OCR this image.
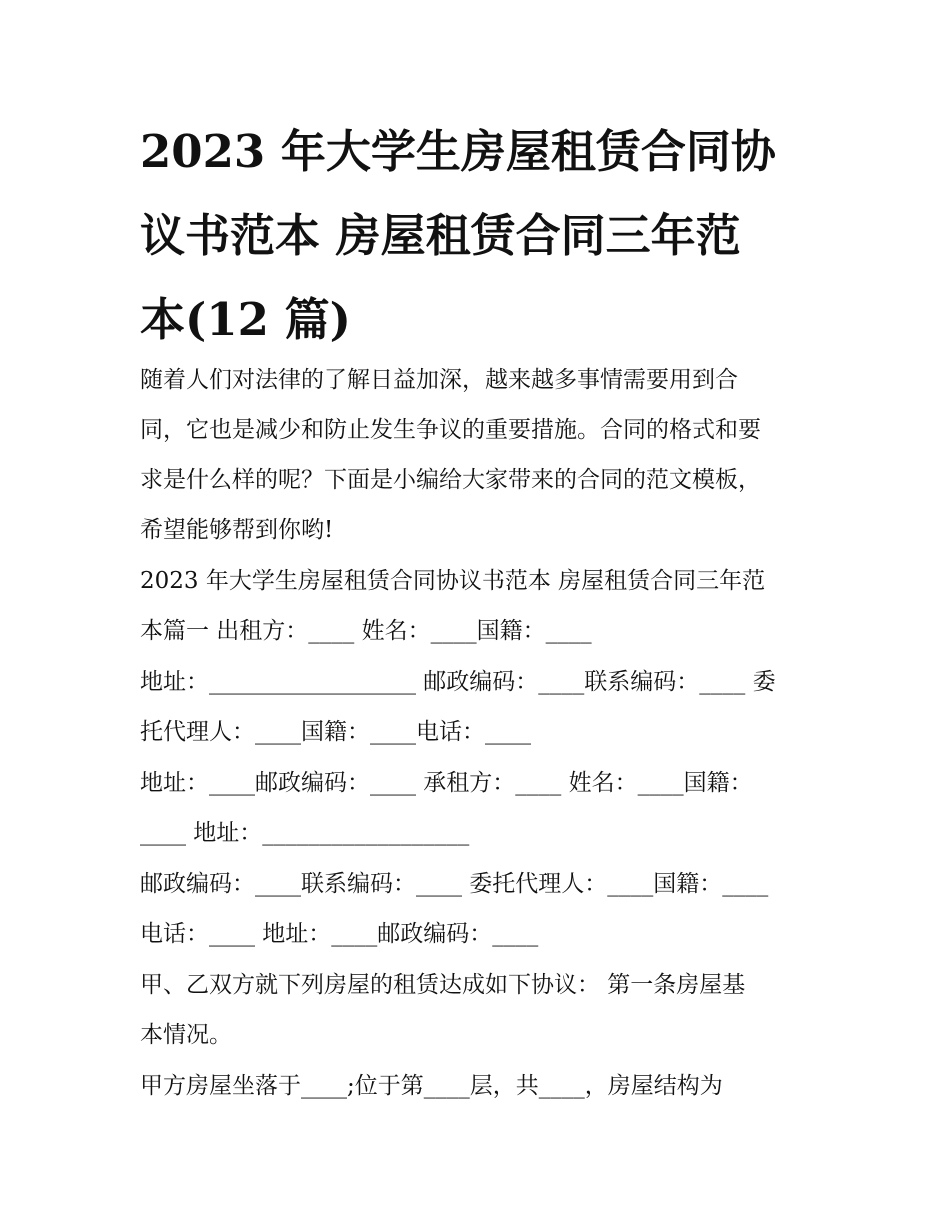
2023 年大学生房屋租赁合同协
议书范本 房屋租赁合同三年范
本(12 篇)
随着人们对法律的了解日益加深，越来越多事情需要用到合
同，它也是减少和防止发生争议的重要措施。合同的格式和要
求是什么样的呢？下面是小编给大家带来的合同的范文模板，
希望能够帮到你哟!
2023 年大学生房屋租赁合同协议书范本 房屋租赁合同三年范
本篇一 出租方：____ 姓名：____国籍：____
地址：__________________ 邮政编码：____联系编码：____ 委
托代理人：____国籍：____电话：____
地址：____邮政编码：____ 承租方：____ 姓名：____国籍：
____ 地址：__________________
邮政编码：____联系编码：____ 委托代理人：____国籍：____
电话：____ 地址：____邮政编码：____
甲、乙双方就下列房屋的租赁达成如下协议： 第一条房屋基
本情况。
甲方房屋坐落于____;位于第____层，共____，房屋结构为
